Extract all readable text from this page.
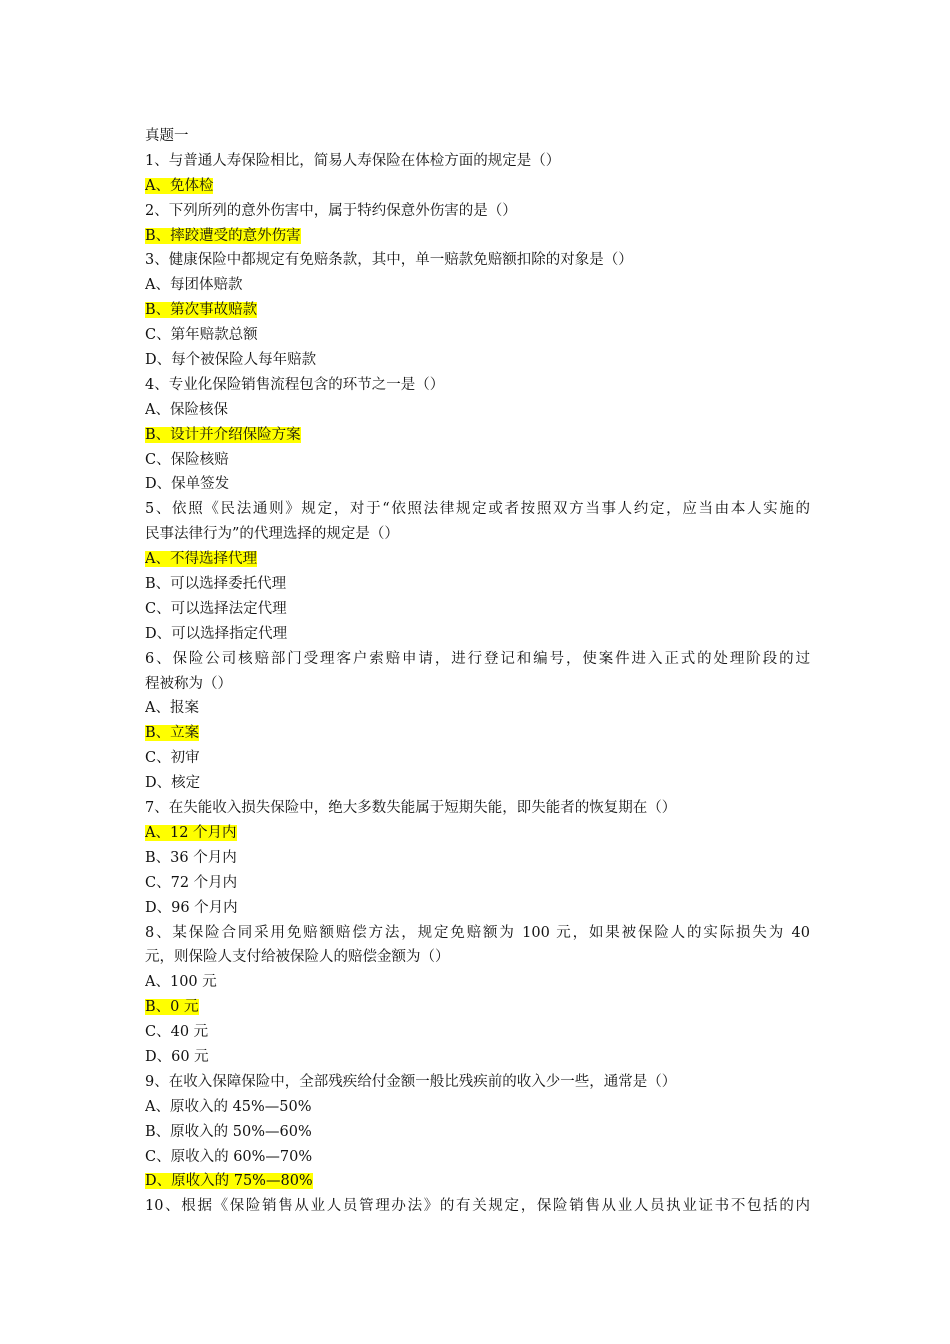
真题一
1、与普通人寿保险相比，简易人寿保险在体检方面的规定是（）
A、免体检
2、下列所列的意外伤害中，属于特约保意外伤害的是（）
B、摔跤遭受的意外伤害
3、健康保险中都规定有免赔条款，其中，单一赔款免赔额扣除的对象是（）
A、每团体赔款
B、第次事故赔款
C、第年赔款总额
D、每个被保险人每年赔款
4、专业化保险销售流程包含的环节之一是（）
A、保险核保
B、设计并介绍保险方案
C、保险核赔
D、保单签发
5、依照《民法通则》规定，对于“依照法律规定或者按照双方当事人约定，应当由本人实施的
民事法律行为”的代理选择的规定是（）
A、不得选择代理
B、可以选择委托代理
C、可以选择法定代理
D、可以选择指定代理
6、保险公司核赔部门受理客户索赔申请，进行登记和编号，使案件进入正式的处理阶段的过
程被称为（）
A、报案
B、立案
C、初审
D、核定
7、在失能收入损失保险中，绝大多数失能属于短期失能，即失能者的恢复期在（）
A、12 个月内
B、36 个月内
C、72 个月内
D、96 个月内
8、某保险合同采用免赔额赔偿方法，规定免赔额为 100 元，如果被保险人的实际损失为 40
元，则保险人支付给被保险人的赔偿金额为（）
A、100 元
B、0 元
C、40 元
D、60 元
9、在收入保障保险中，全部残疾给付金额一般比残疾前的收入少一些，通常是（）
A、原收入的 45%—50%
B、原收入的 50%—60%
C、原收入的 60%—70%
D、原收入的 75%—80%
10、根据《保险销售从业人员管理办法》的有关规定，保险销售从业人员执业证书不包括的内
